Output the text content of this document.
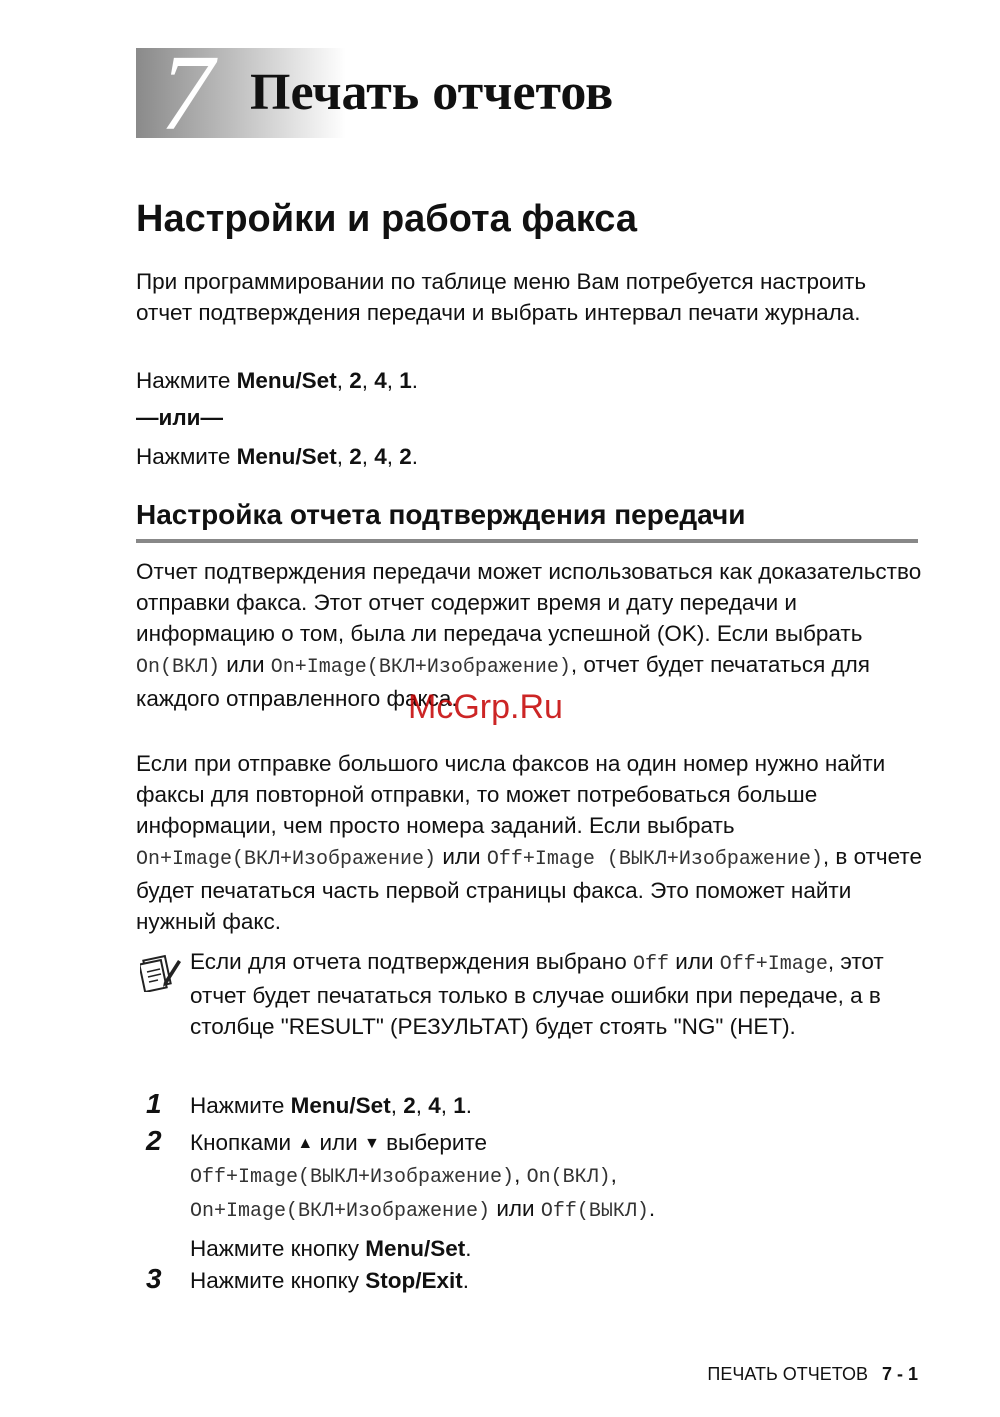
7 Печать отчетов
Настройки и работа факса

При программировании по таблице меню Вам потребуется настроить отчет подтверждения передачи и выбрать интервал печати журнала.

Нажмите Menu/Set, 2, 4, 1.

—или—

Нажмите Menu/Set, 2, 4, 2.

Настройка отчета подтверждения передачи

Отчет подтверждения передачи может использоваться как доказательство отправки факса. Этот отчет содержит время и дату передачи и информацию о том, была ли передача успешной (OK). Если выбрать On(ВКЛ) или On+Image(ВКЛ+Изображение), отчет будет печататься для каждого отправленного факса.

Если при отправке большого числа факсов на один номер нужно найти факсы для повторной отправки, то может потребоваться больше информации, чем просто номера заданий. Если выбрать On+Image(ВКЛ+Изображение) или Off+Image (ВЫКЛ+Изображение), в отчете будет печататься часть первой страницы факса. Это поможет найти нужный факс.

Если для отчета подтверждения выбрано Off или Off+Image, этот отчет будет печататься только в случае ошибки при передаче, а в столбце "RESULT" (РЕЗУЛЬТАТ) будет стоять "NG" (НЕТ).
1 Нажмите Menu/Set, 2, 4, 1.
2 Кнопками ▲ или ▼ выберите
Off+Image(ВЫКЛ+Изображение), On(ВКЛ),
On+Image(ВКЛ+Изображение) или Off(ВЫКЛ).
Нажмите кнопку Menu/Set.
3 Нажмите кнопку Stop/Exit.
McGrp.Ru
ПЕЧАТЬ ОТЧЕТОВ 7 - 1
